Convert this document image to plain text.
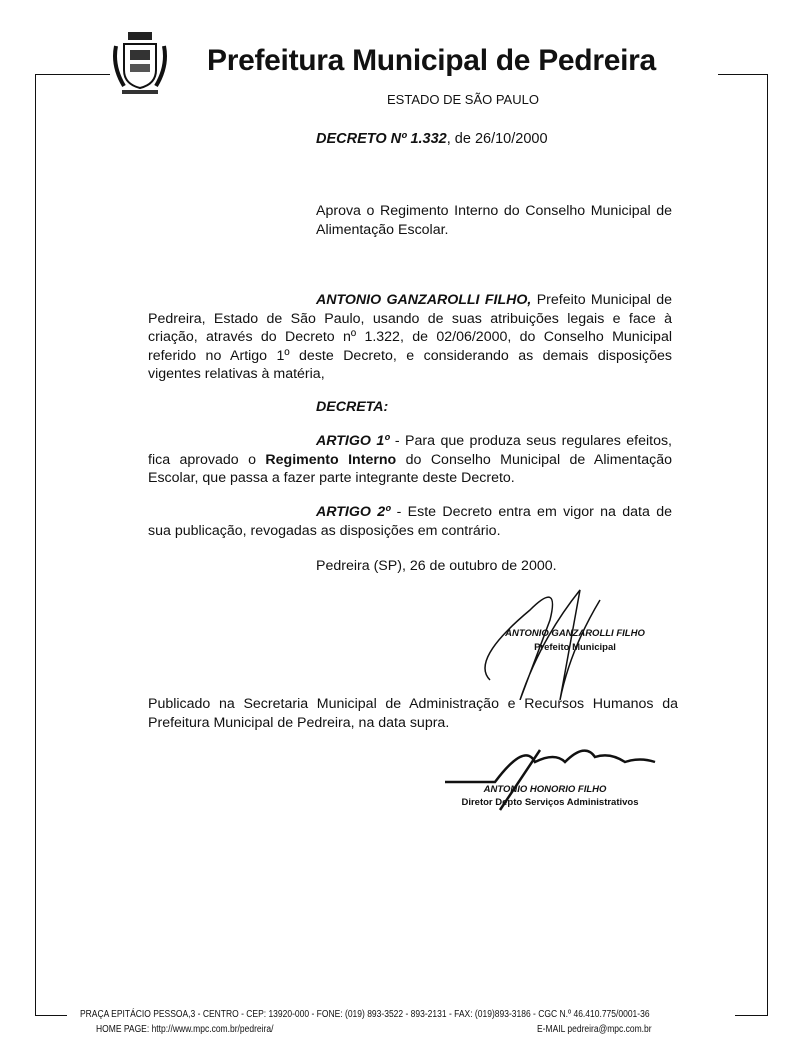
Prefeitura Municipal de Pedreira
ESTADO DE SÃO PAULO
DECRETO Nº 1.332, de 26/10/2000
Aprova o Regimento Interno do Conselho Municipal de Alimentação Escolar.
ANTONIO GANZAROLLI FILHO, Prefeito Municipal de Pedreira, Estado de São Paulo, usando de suas atribuições legais e face à criação, através do Decreto nº 1.322, de 02/06/2000, do Conselho Municipal referido no Artigo 1º deste Decreto, e considerando as demais disposições vigentes relativas à matéria,
DECRETA:
ARTIGO 1º - Para que produza seus regulares efeitos, fica aprovado o Regimento Interno do Conselho Municipal de Alimentação Escolar, que passa a fazer parte integrante deste Decreto.
ARTIGO 2º - Este Decreto entra em vigor na data de sua publicação, revogadas as disposições em contrário.
Pedreira (SP), 26 de outubro de 2000.
ANTONIO GANZAROLLI FILHO
Prefeito Municipal
Publicado na Secretaria Municipal de Administração e Recursos Humanos da Prefeitura Municipal de Pedreira, na data supra.
ANTONIO HONORIO FILHO
Diretor Depto Serviços Administrativos
PRAÇA EPITÁCIO PESSOA,3 - CENTRO - CEP: 13920-000 - FONE: (019) 893-3522 - 893-2131 - FAX: (019)893-3186 - CGC N.º 46.410.775/0001-36
HOME PAGE: http://www.mpc.com.br/pedreira/	E-MAIL pedreira@mpc.com.br
